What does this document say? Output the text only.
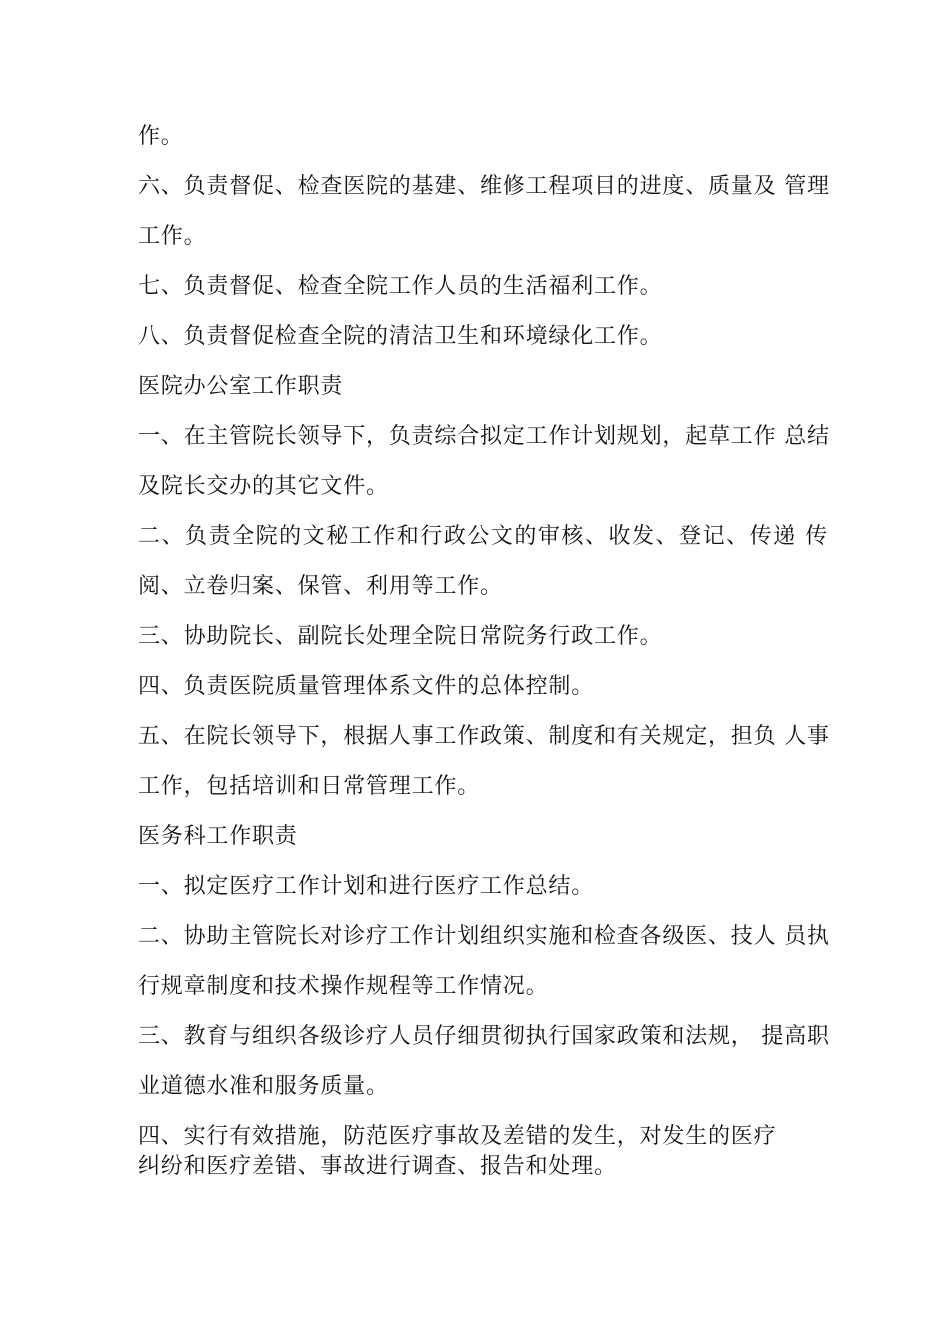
作。
六、负责督促、检查医院的基建、维修工程项目的进度、质量及 管理
工作。
七、负责督促、检查全院工作人员的生活福利工作。
八、负责督促检查全院的清洁卫生和环境绿化工作。
医院办公室工作职责
一、在主管院长领导下，负责综合拟定工作计划规划，起草工作 总结
及院长交办的其它文件。
二、负责全院的文秘工作和行政公文的审核、收发、登记、传递 传
阅、立卷归案、保管、利用等工作。
三、协助院长、副院长处理全院日常院务行政工作。
四、负责医院质量管理体系文件的总体控制。
五、在院长领导下，根据人事工作政策、制度和有关规定，担负 人事
工作，包括培训和日常管理工作。
医务科工作职责
一、拟定医疗工作计划和进行医疗工作总结。
二、协助主管院长对诊疗工作计划组织实施和检查各级医、技人 员执
行规章制度和技术操作规程等工作情况。
三、教育与组织各级诊疗人员仔细贯彻执行国家政策和法规， 提高职
业道德水准和服务质量。
四、实行有效措施，防范医疗事故及差错的发生，对发生的医疗
纠纷和医疗差错、事故进行调查、报告和处理。
